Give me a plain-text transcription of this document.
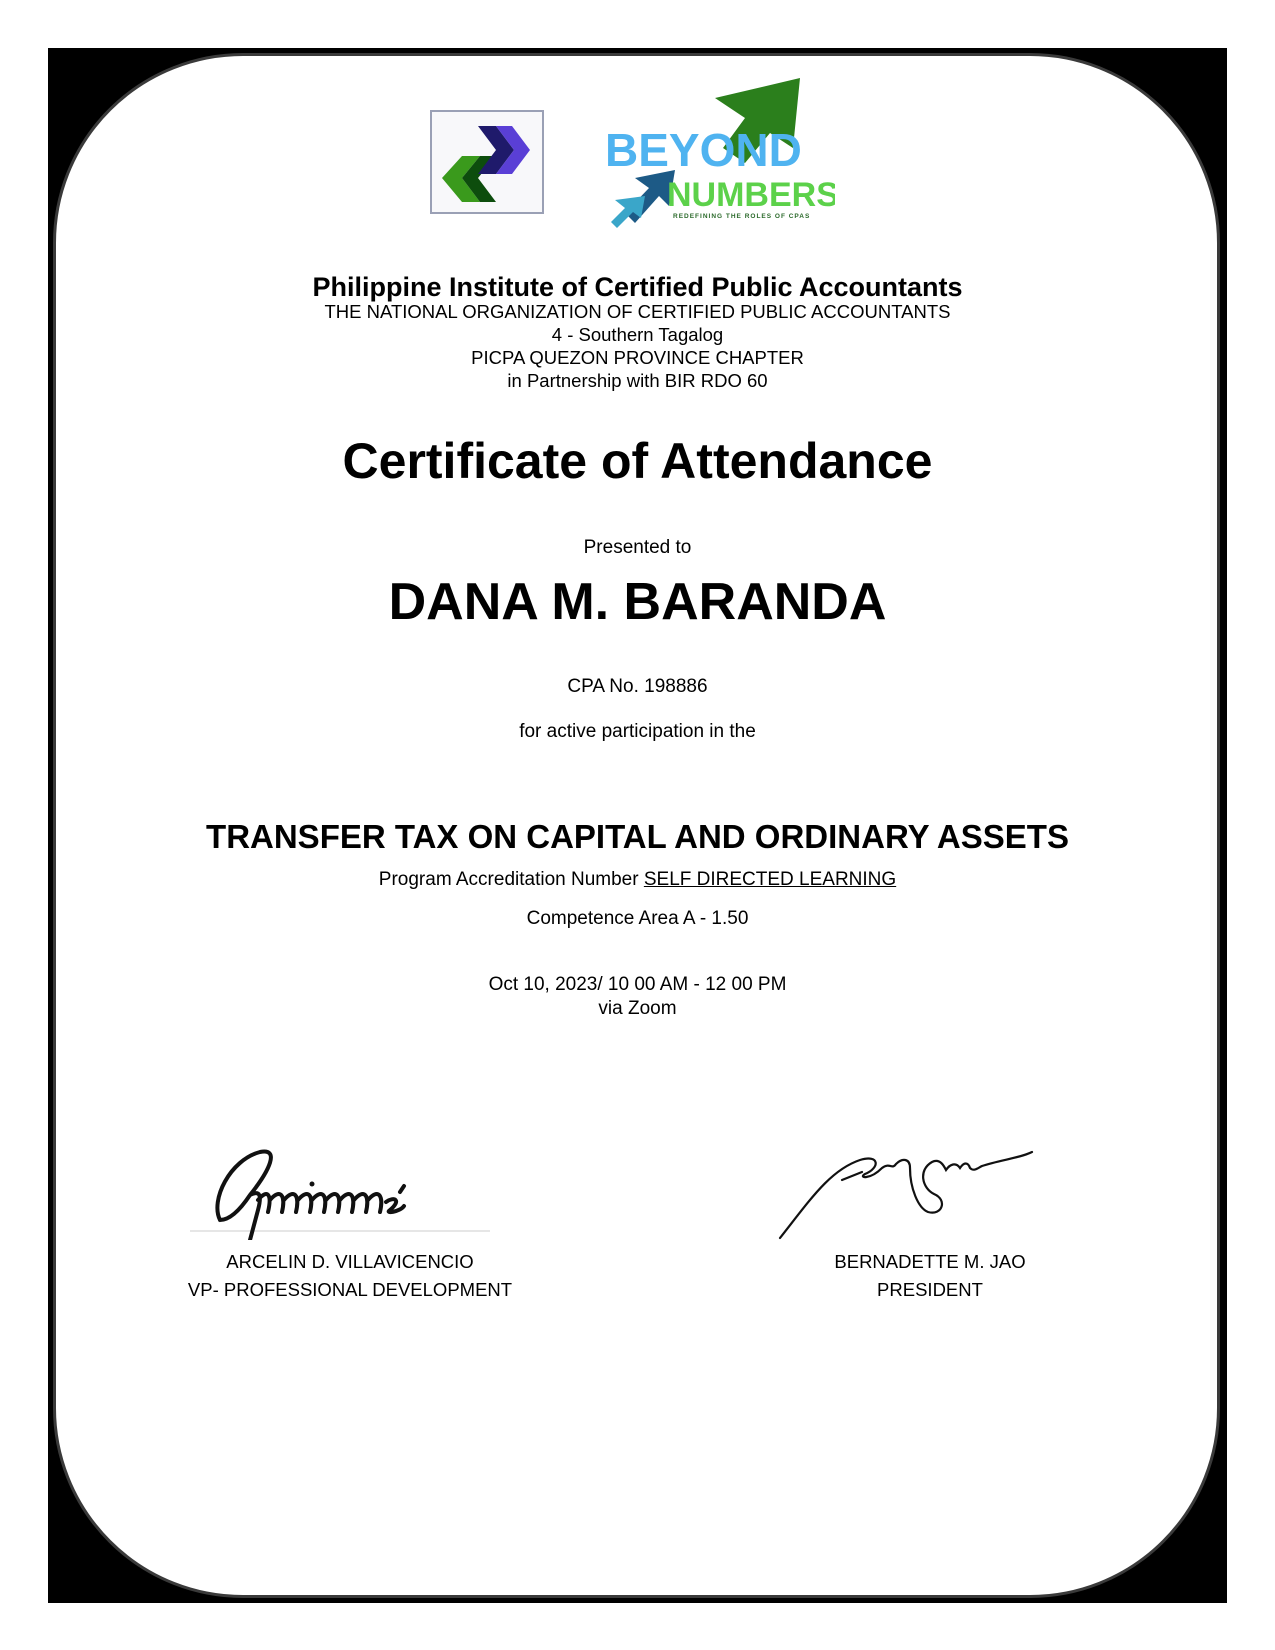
BEYOND
NUMBERS
REDEFINING THE ROLES OF CPAS
Philippine Institute of Certified Public Accountants
THE NATIONAL ORGANIZATION OF CERTIFIED PUBLIC ACCOUNTANTS
4 - Southern Tagalog
PICPA QUEZON PROVINCE CHAPTER
in Partnership with BIR RDO 60
Certificate of Attendance
Presented to
DANA M. BARANDA
CPA No. 198886
for active participation in the
TRANSFER TAX ON CAPITAL AND ORDINARY ASSETS
Program Accreditation Number SELF DIRECTED LEARNING
Competence Area A - 1.50
Oct 10, 2023/ 10 00 AM - 12 00 PM
via Zoom
ARCELIN D. VILLAVICENCIO
VP- PROFESSIONAL DEVELOPMENT
BERNADETTE M. JAO
PRESIDENT
